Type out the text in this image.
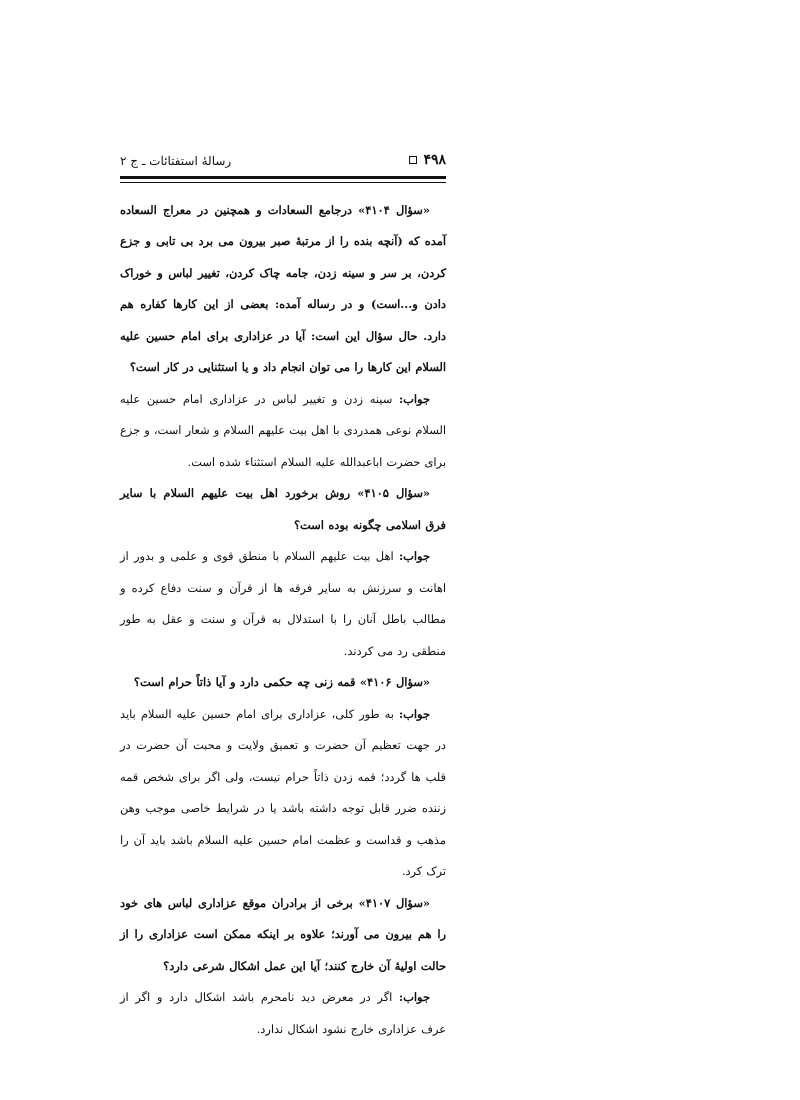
۴۹۸
رسالهٔ استفتائات ـ ج ۲

«سؤال ۴۱۰۴» درجامع السعادات و همچنین در معراج السعاده آمده که (آنچه بنده را از مرتبهٔ صبر بیرون می برد بی تابی و جزع کردن، بر سر و سینه زدن، جامه چاک کردن، تغییر لباس و خوراک دادن و...است) و در رساله آمده: بعضی از این کارها کفاره هم دارد. حال سؤال این است: آیا در عزاداری برای امام حسین علیه السلام این کارها را می توان انجام داد و یا استثنایی در کار است؟

جواب: سینه زدن و تغییر لباس در عزاداری امام حسین علیه السلام نوعی همدردی با اهل بیت علیهم السلام و شعار است، و جزع برای حضرت اباعبدالله علیه السلام استثناء شده است.

«سؤال ۴۱۰۵» روش برخورد اهل بیت علیهم السلام با سایر فرق اسلامی چگونه بوده است؟

جواب: اهل بیت علیهم السلام با منطق قوی و علمی و بدور از اهانت و سرزنش به سایر فرقه ها از قرآن و سنت دفاع کرده و مطالب باطل آنان را با استدلال به قرآن و سنت و عقل به طور منطقی رد می کردند.

«سؤال ۴۱۰۶» قمه زنی چه حکمی دارد و آیا ذاتاً حرام است؟

جواب: به طور کلی، عزاداری برای امام حسین علیه السلام باید در جهت تعظیم آن حضرت و تعمیق ولایت و محبت آن حضرت در قلب ها گردد؛ قمه زدن ذاتاً حرام نیست، ولی اگر برای شخص قمه زننده ضرر قابل توجه داشته باشد یا در شرایط خاصی موجب وهن مذهب و قداست و عظمت امام حسین علیه السلام باشد باید آن را ترک کرد.

«سؤال ۴۱۰۷» برخی از برادران موقع عزاداری لباس های خود را هم بیرون می آورند؛ علاوه بر اینکه ممکن است عزاداری را از حالت اولیهٔ آن خارج کنند؛ آیا این عمل اشکال شرعی دارد؟

جواب: اگر در معرض دید نامحرم باشد اشکال دارد و اگر از عرف عزاداری خارج نشود اشکال ندارد.
